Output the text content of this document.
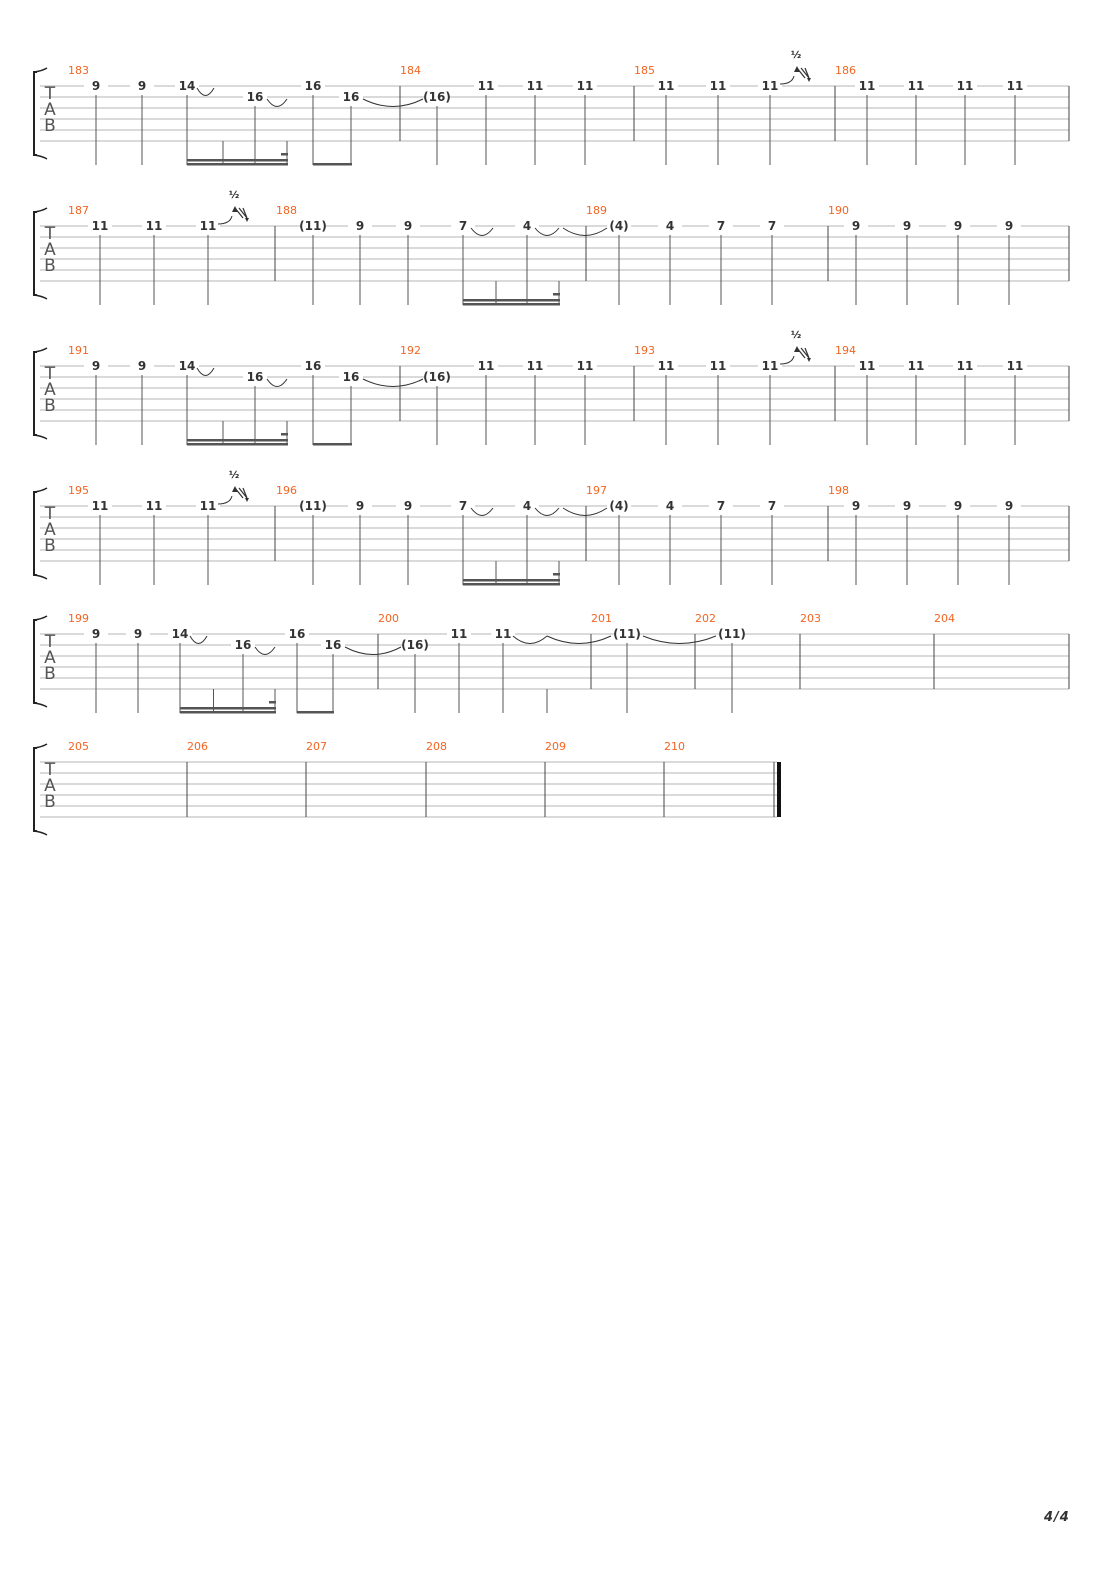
T
A
B
183
9	9	14
16
16
16
184
(16)
11	11	11
185
11	11	11
186
11	11	11	11
½
T
A
B
187
11	11	11
188
(11) 9	9	7	4
189
(4)	4	7	7
190
9	9	9	9
½
T
A
B
191
9	9	14
16
16
16
192
(16)
11	11	11
193
11	11	11
194
11	11	11	11
½
T
A
B
195
11	11	11
196
(11) 9	9	7	4
197
(4)	4	7	7
198
9	9	9	9
½
T
A
B
199
9	9 14
16
16
16
200
(16)
11 11
201
(11)
202
(11)
203	204
T
A
B
205	206	207	208	209	210
4/4
